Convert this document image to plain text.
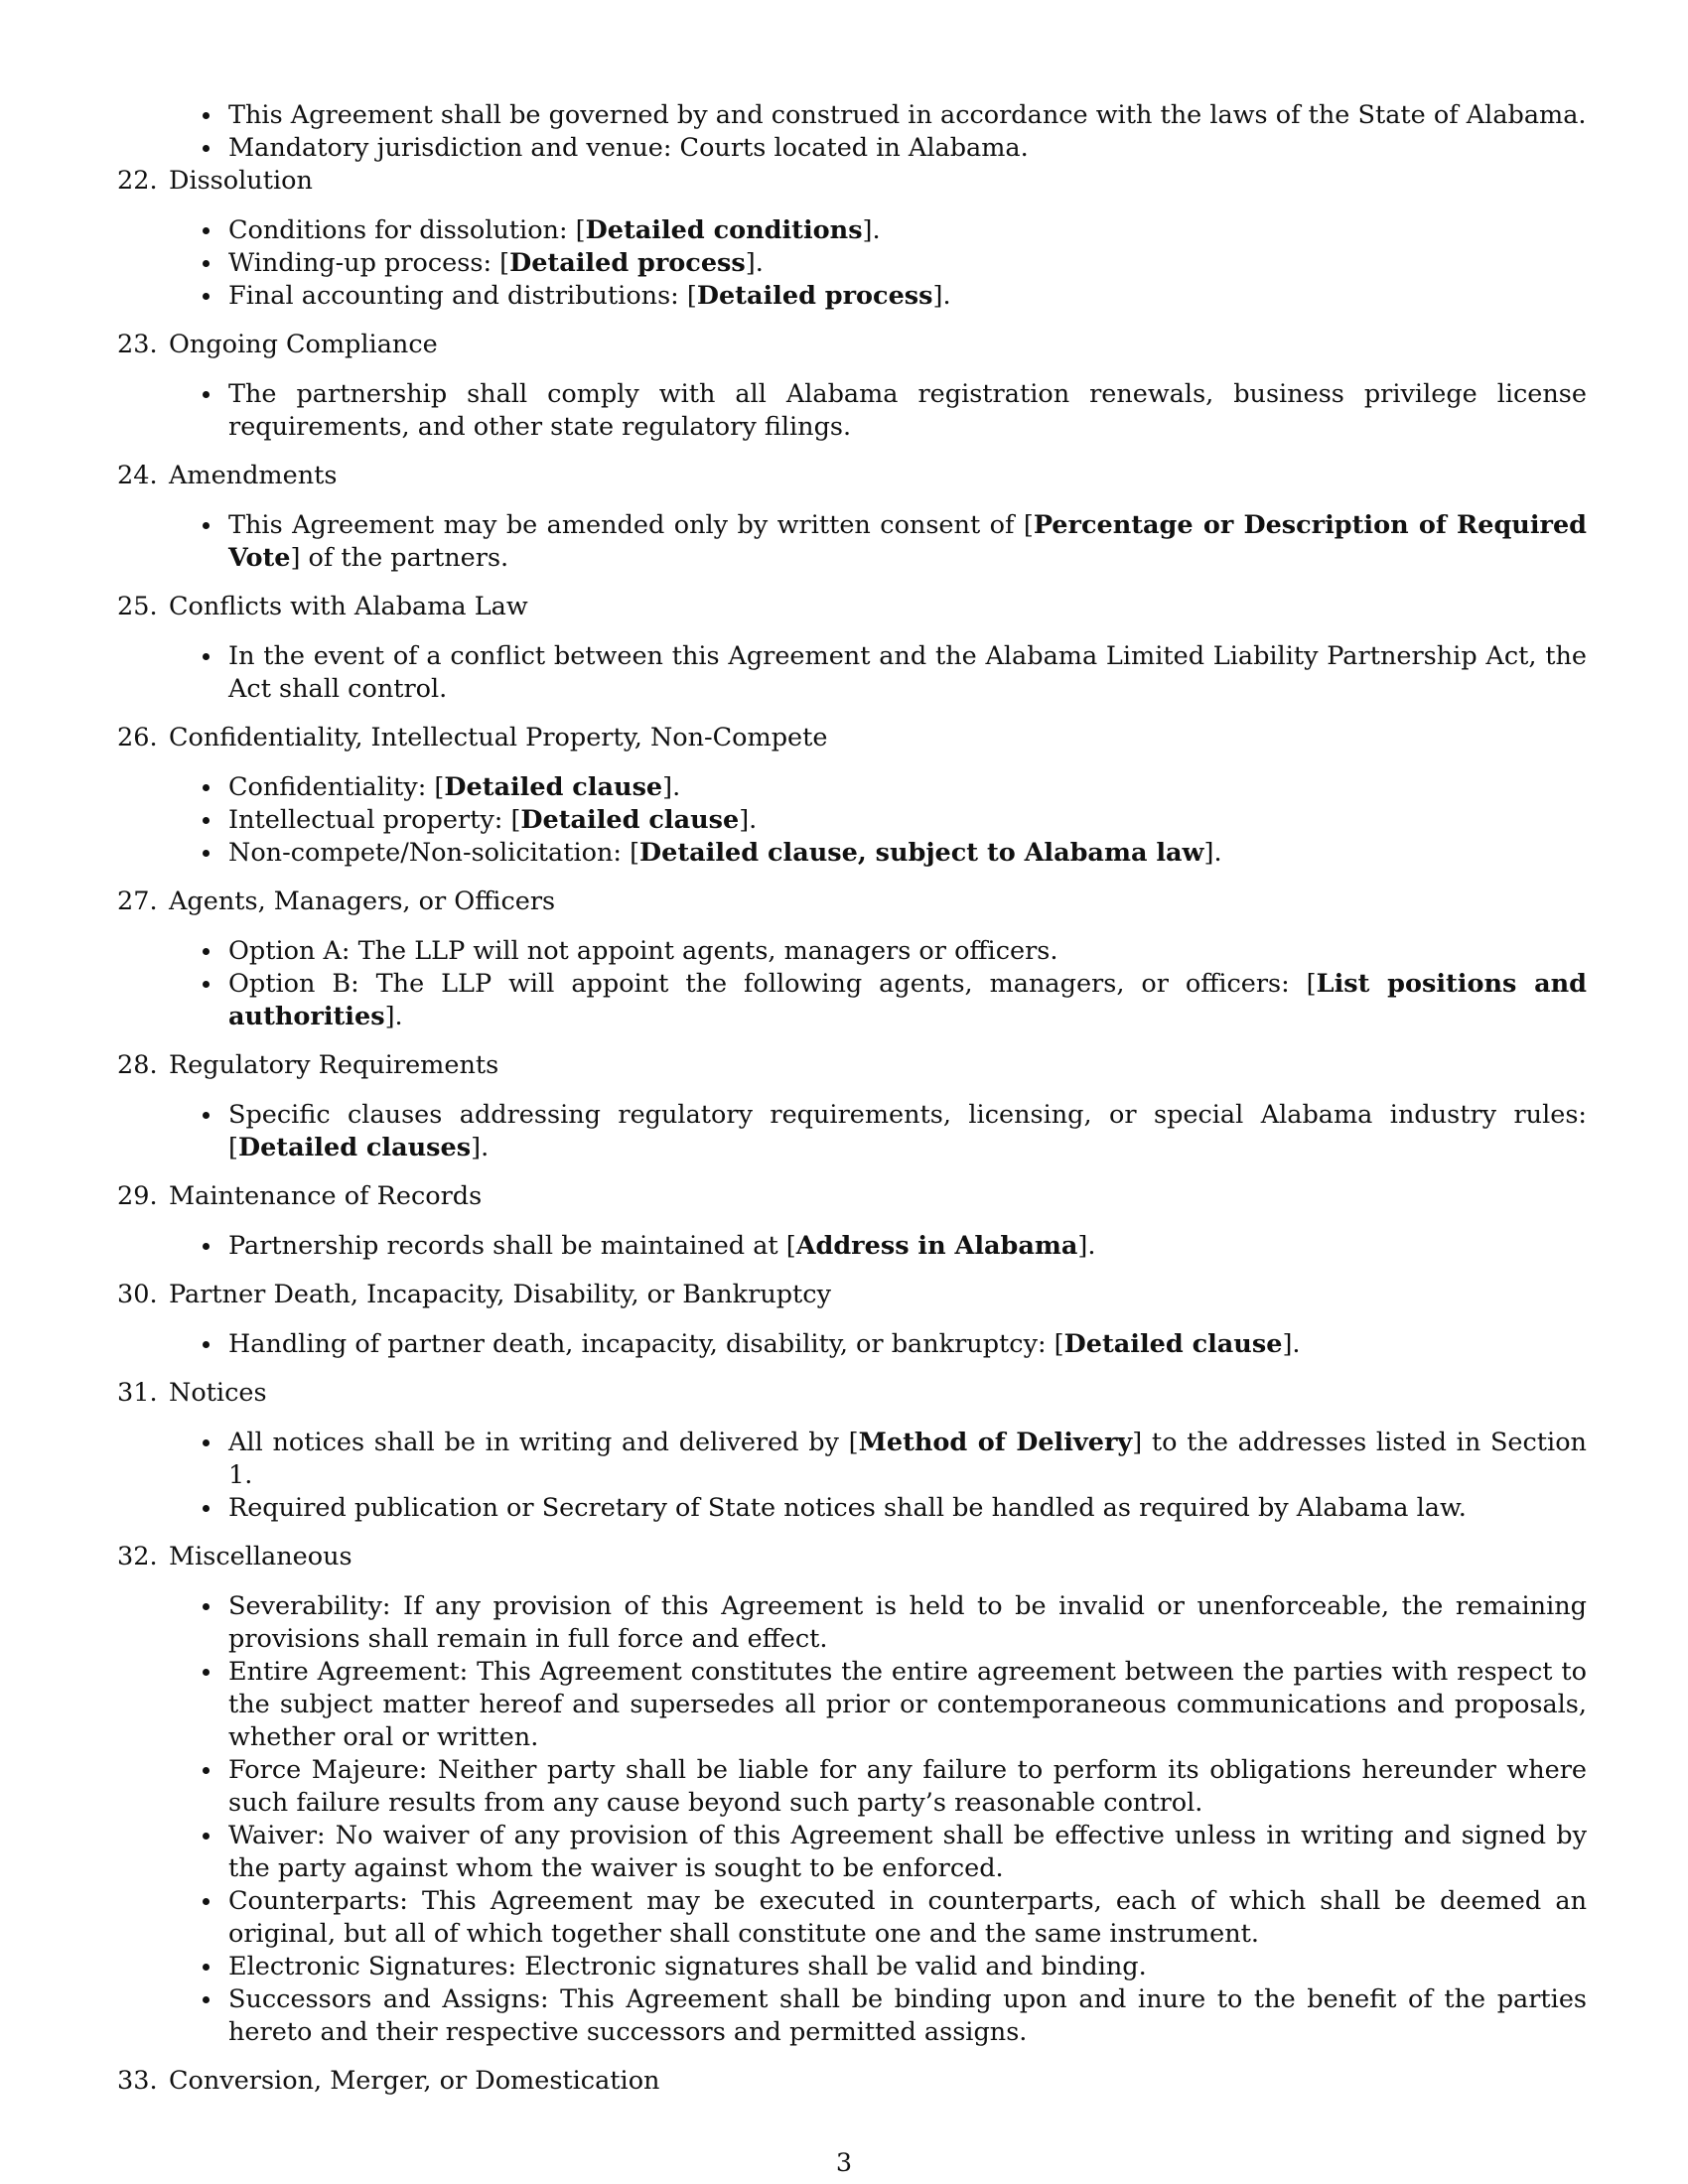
This Agreement shall be governed by and construed in accordance with the laws of the State of Alabama.
Mandatory jurisdiction and venue: Courts located in Alabama.
22. Dissolution
Conditions for dissolution: [Detailed conditions].
Winding-up process: [Detailed process].
Final accounting and distributions: [Detailed process].
23. Ongoing Compliance
The partnership shall comply with all Alabama registration renewals, business privilege license requirements, and other state regulatory filings.
24. Amendments
This Agreement may be amended only by written consent of [Percentage or Description of Required Vote] of the partners.
25. Conflicts with Alabama Law
In the event of a conflict between this Agreement and the Alabama Limited Liability Partnership Act, the Act shall control.
26. Confidentiality, Intellectual Property, Non-Compete
Confidentiality: [Detailed clause].
Intellectual property: [Detailed clause].
Non-compete/Non-solicitation: [Detailed clause, subject to Alabama law].
27. Agents, Managers, or Officers
Option A: The LLP will not appoint agents, managers or officers.
Option B: The LLP will appoint the following agents, managers, or officers: [List positions and authorities].
28. Regulatory Requirements
Specific clauses addressing regulatory requirements, licensing, or special Alabama industry rules: [Detailed clauses].
29. Maintenance of Records
Partnership records shall be maintained at [Address in Alabama].
30. Partner Death, Incapacity, Disability, or Bankruptcy
Handling of partner death, incapacity, disability, or bankruptcy: [Detailed clause].
31. Notices
All notices shall be in writing and delivered by [Method of Delivery] to the addresses listed in Section 1.
Required publication or Secretary of State notices shall be handled as required by Alabama law.
32. Miscellaneous
Severability: If any provision of this Agreement is held to be invalid or unenforceable, the remaining provisions shall remain in full force and effect.
Entire Agreement: This Agreement constitutes the entire agreement between the parties with respect to the subject matter hereof and supersedes all prior or contemporaneous communications and proposals, whether oral or written.
Force Majeure: Neither party shall be liable for any failure to perform its obligations hereunder where such failure results from any cause beyond such party’s reasonable control.
Waiver: No waiver of any provision of this Agreement shall be effective unless in writing and signed by the party against whom the waiver is sought to be enforced.
Counterparts: This Agreement may be executed in counterparts, each of which shall be deemed an original, but all of which together shall constitute one and the same instrument.
Electronic Signatures: Electronic signatures shall be valid and binding.
Successors and Assigns: This Agreement shall be binding upon and inure to the benefit of the parties hereto and their respective successors and permitted assigns.
33. Conversion, Merger, or Domestication
3
